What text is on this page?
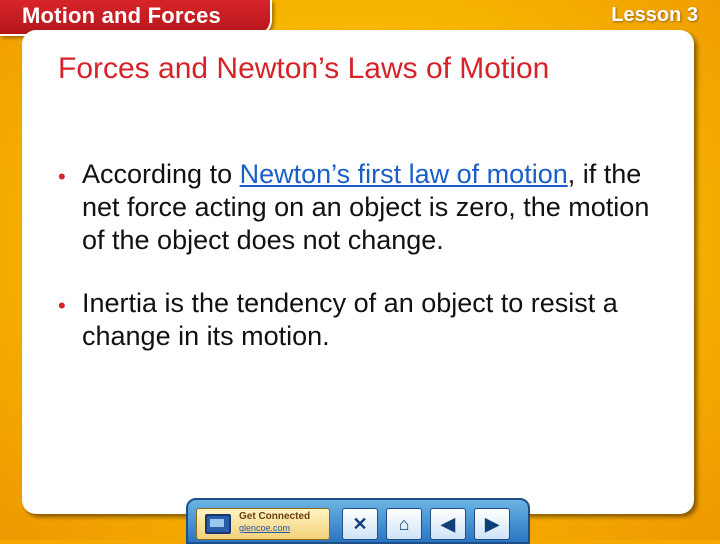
Motion and Forces	Lesson 3
Forces and Newton’s Laws of Motion
• According to Newton’s first law of motion, if the net force acting on an object is zero, the motion of the object does not change.
• Inertia is the tendency of an object to resist a change in its motion.
Get Connected
glencoe.com	✕ ⌂ ◀ ▶
